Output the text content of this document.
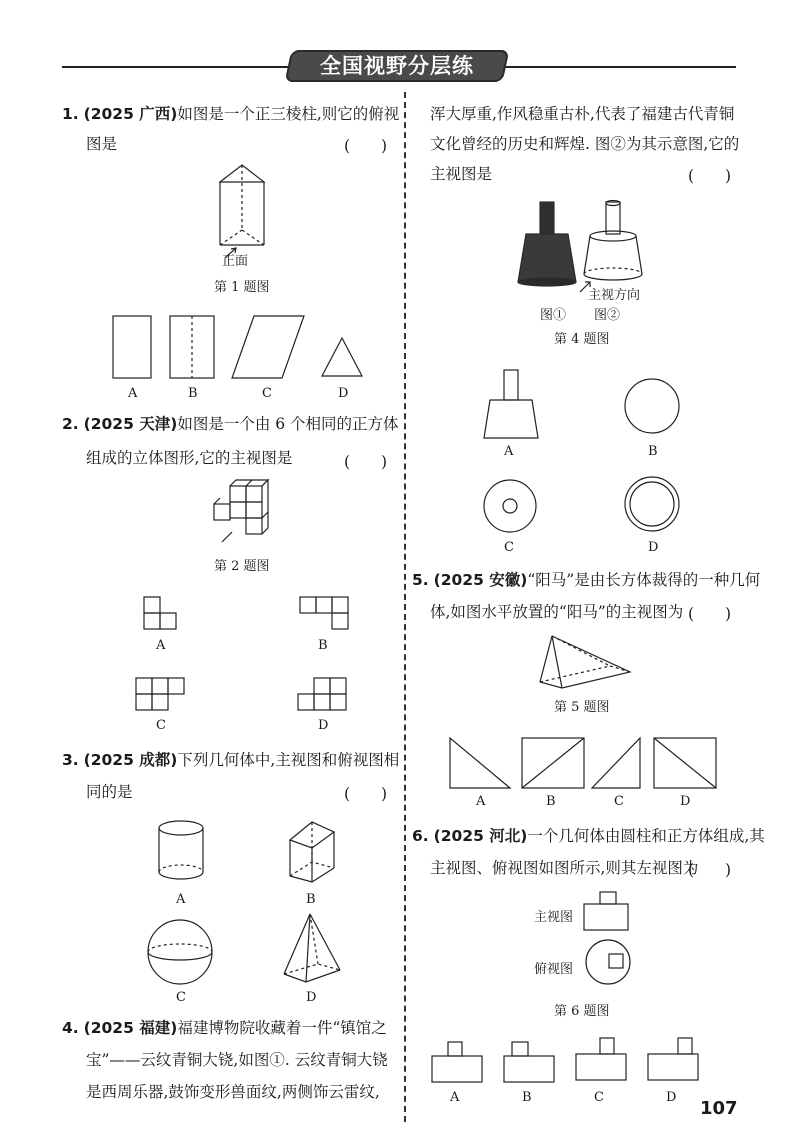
全国视野分层练
1. (2025 广西)如图是一个正三棱柱,则它的俯视
图是	(　　)
正面
第 1 题图
A	B	C	D
2. (2025 天津)如图是一个由 6 个相同的正方体
组成的立体图形,它的主视图是	(　　)
第 2 题图
A	B
C	D
3. (2025 成都)下列几何体中,主视图和俯视图相
同的是	(　　)
A	B
C	D
4. (2025 福建)福建博物院收藏着一件“镇馆之
宝”——云纹青铜大铙,如图①. 云纹青铜大铙
是西周乐器,鼓饰变形兽面纹,两侧饰云雷纹,
浑大厚重,作风稳重古朴,代表了福建古代青铜
文化曾经的历史和辉煌. 图②为其示意图,它的
主视图是	(　　)
主视方向
图① 图②
第 4 题图
A	B
C	D
5. (2025 安徽)“阳马”是由长方体裁得的一种几何
体,如图水平放置的“阳马”的主视图为 (　　)
第 5 题图
A	B	C	D
6. (2025 河北)一个几何体由圆柱和正方体组成,其
主视图、俯视图如图所示,则其左视图为
(　　)
主视图
俯视图
第 6 题图
A	B	C	D
107
